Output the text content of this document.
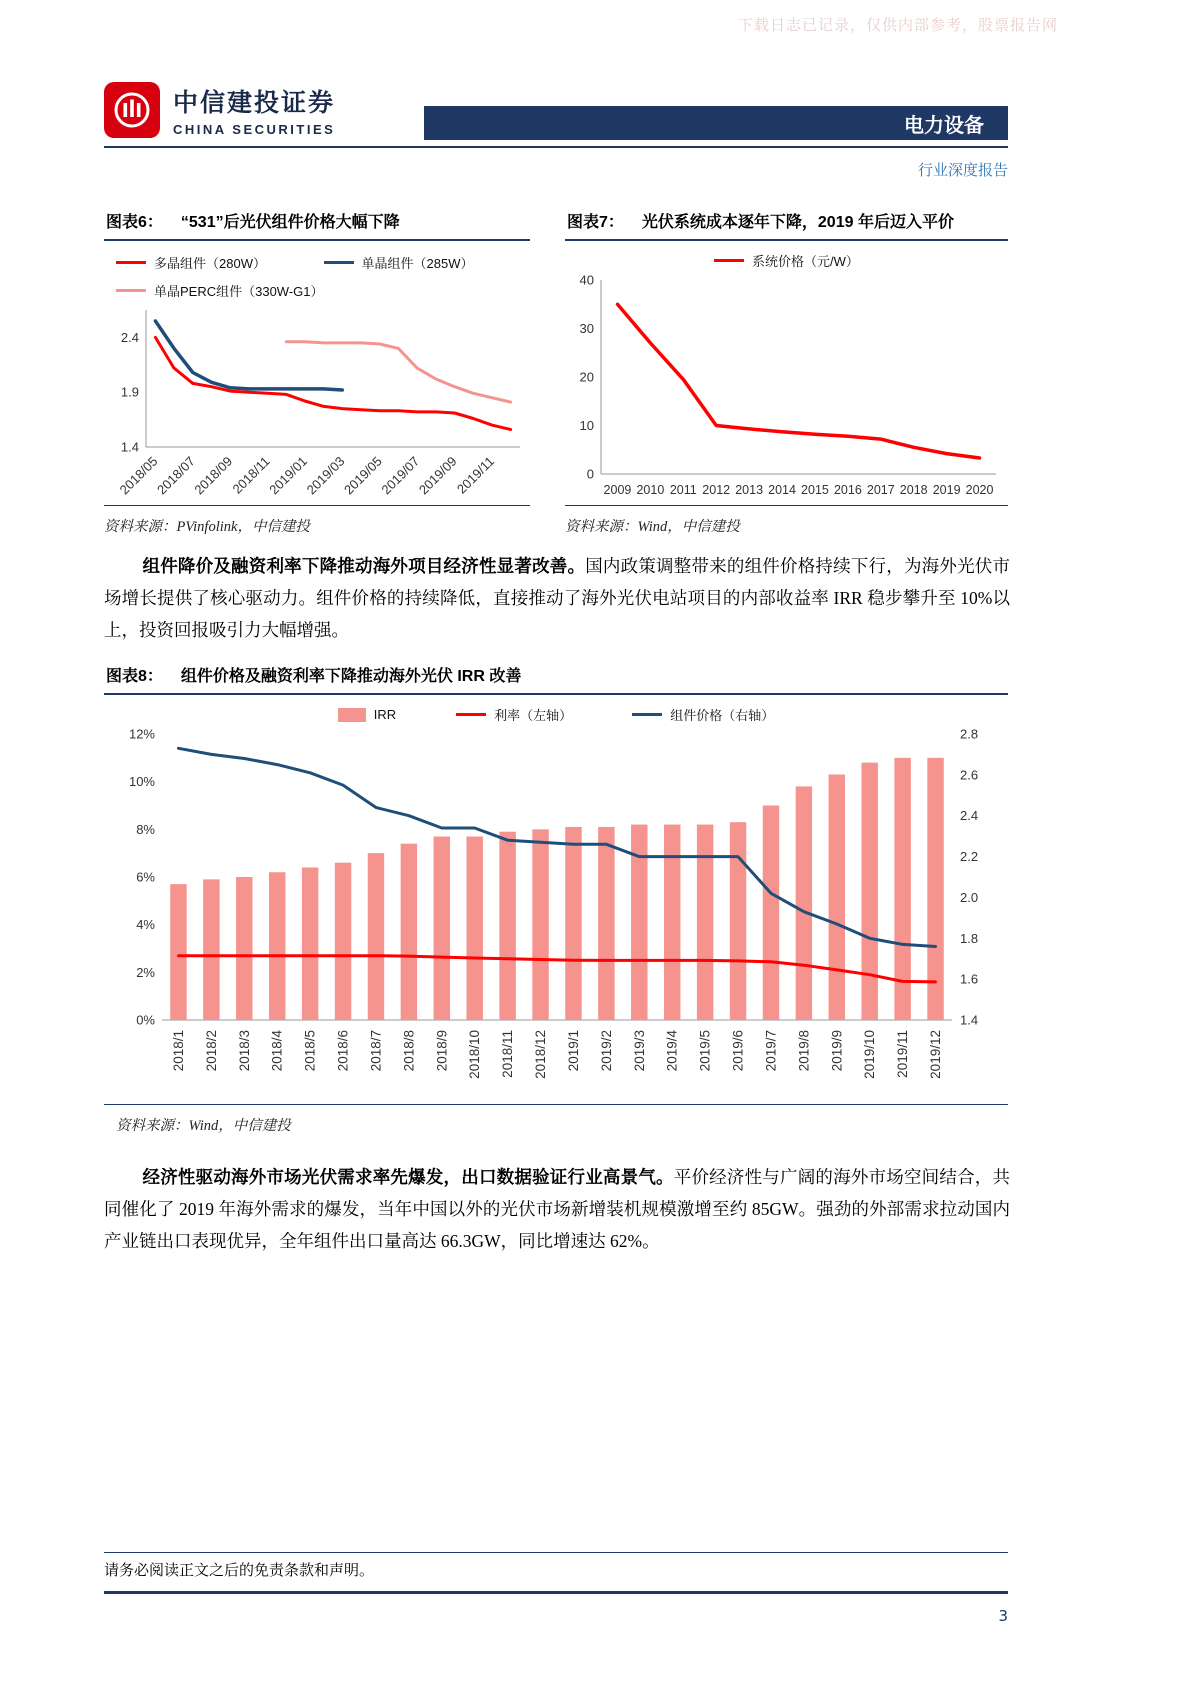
下载日志已记录，仅供内部参考，股票报告网
中信建投证券
CHINA SECURITIES	电力设备
行业深度报告
图表6： “531”后光伏组件价格大幅下降
多晶组件（280W）	单晶组件（285W）
单晶PERC组件（330W-G1）
1.4
1.9
2.4
2018/05
2018/07
2018/09
2018/11
2019/01
2019/03
2019/05
2019/07
2019/09
2019/11
资料来源：PVinfolink，中信建投
图表7： 光伏系统成本逐年下降，2019 年后迈入平价
系统价格（元/W）
0
10
20
30
40
2009 2010 2011 2012 2013 2014 2015 2016 2017 2018 2019 2020
资料来源：Wind，中信建投

组件降价及融资利率下降推动海外项目经济性显著改善。国内政策调整带来的组件价格持续下行，为海外光伏市场增长提供了核心驱动力。组件价格的持续降低，直接推动了海外光伏电站项目的内部收益率 IRR 稳步攀升至 10%以上，投资回报吸引力大幅增强。

图表8： 组件价格及融资利率下降推动海外光伏 IRR 改善
IRR	利率（左轴）	组件价格（右轴）
0%
2%
4%
6%
8%
10%
12%
1.4
1.6
1.8
2.0
2.2
2.4
2.6
2.8
2018/1 2018/2 2018/3 2018/4 2018/5 2018/6 2018/7 2018/8 2018/9 2018/10 2018/11 2018/12 2019/1 2019/2 2019/3 2019/4 2019/5 2019/6 2019/7 2019/8 2019/9 2019/10 2019/11 2019/12
资料来源：Wind，中信建投

经济性驱动海外市场光伏需求率先爆发，出口数据验证行业高景气。平价经济性与广阔的海外市场空间结合，共同催化了 2019 年海外需求的爆发，当年中国以外的光伏市场新增装机规模激增至约 85GW。强劲的外部需求拉动国内产业链出口表现优异，全年组件出口量高达 66.3GW，同比增速达 62%。

请务必阅读正文之后的免责条款和声明。
3
